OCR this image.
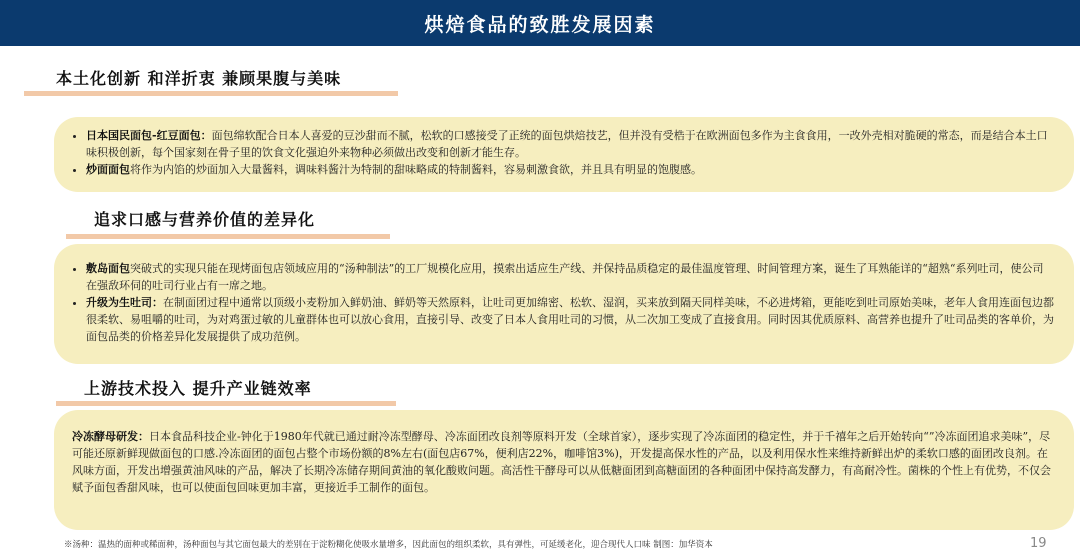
烘焙食品的致胜发展因素
本土化创新 和洋折衷 兼顾果腹与美味
• 日本国民面包-红豆面包：面包绵软配合日本人喜爱的豆沙甜而不腻，松软的口感接受了正统的面包烘焙技艺，但并没有受梏于在欧洲面包多作为主食食用，一改外壳相对脆硬的常态，而是结合本土口味积极创新，每个国家刻在骨子里的饮食文化强迫外来物种必须做出改变和创新才能生存。
• 炒面面包将作为内馅的炒面加入大量酱料，调味料酱汁为特制的甜味略咸的特制酱料，容易刺激食欲，并且具有明显的饱腹感。
追求口感与营养价值的差异化
• 敷岛面包突破式的实现只能在现烤面包店领域应用的“汤种制法”的工厂规模化应用，摸索出适应生产线、并保持品质稳定的最佳温度管理、时间管理方案，诞生了耳熟能详的“超熟“系列吐司，使公司在强敌环伺的吐司行业占有一席之地。
• 升级为生吐司：在制面团过程中通常以顶级小麦粉加入鲜奶油、鲜奶等天然原料，让吐司更加绵密、松软、湿润，买来放到隔天同样美味，不必进烤箱，更能吃到吐司原始美味，老年人食用连面包边都很柔软、易咀嚼的吐司，为对鸡蛋过敏的儿童群体也可以放心食用，直接引导、改变了日本人食用吐司的习惯，从二次加工变成了直接食用。同时因其优质原料、高营养也提升了吐司品类的客单价，为面包品类的价格差异化发展提供了成功范例。
上游技术投入 提升产业链效率

冷冻酵母研发：日本食品科技企业-钟化于1980年代就已通过耐冷冻型酵母、冷冻面团改良剂等原料开发（全球首家），逐步实现了冷冻面团的稳定性，并于千禧年之后开始转向“”冷冻面团追求美味”，尽可能还原新鲜现做面包的口感.冷冻面团的面包占整个市场份额的8%左右(面包店67%，便利店22%，咖啡馆3%)，开发提高保水性的产品，以及利用保水性来维持新鲜出炉的柔软口感的面团改良剂。在风味方面，开发出增强黄油风味的产品，解决了长期冷冻储存期间黄油的氧化酸败问题。高活性干酵母可以从低糖面团到高糖面团的各种面团中保持高发酵力，有高耐冷性。菌株的个性上有优势，不仅会赋予面包香甜风味，也可以使面包回味更加丰富，更接近手工制作的面包。

※汤种：温热的面种或稀面种，汤种面包与其它面包最大的差别在于淀粉糊化使吸水量增多，因此面包的组织柔软，具有弹性，可延缓老化，迎合现代人口味 制图：加华资本	19
